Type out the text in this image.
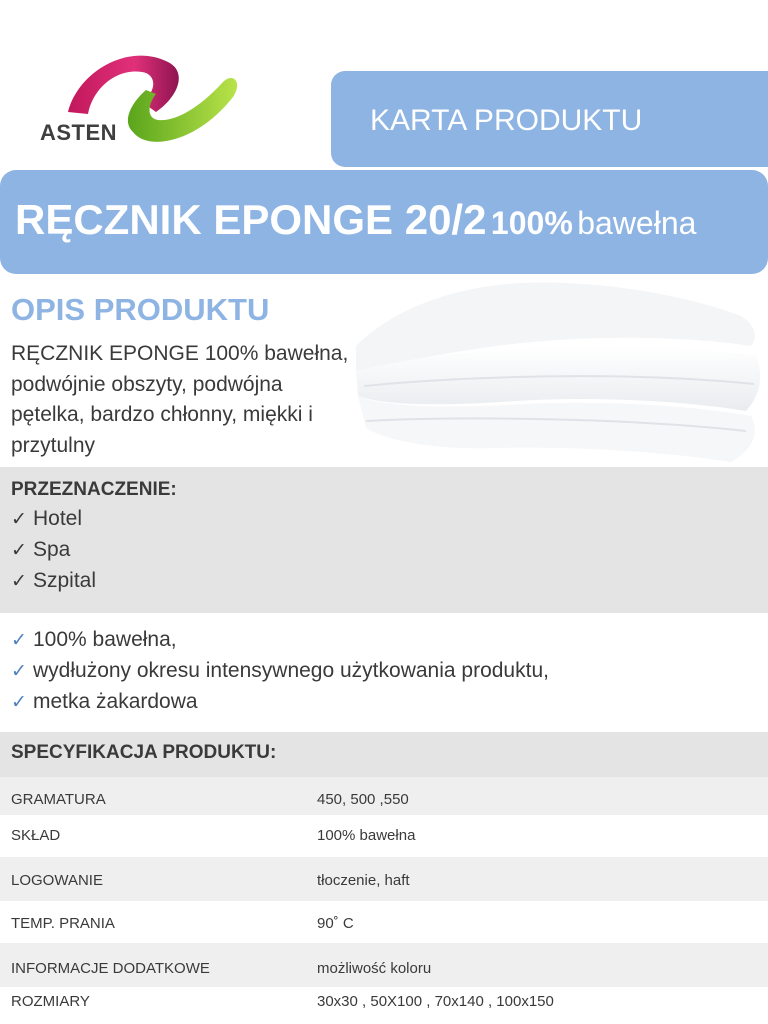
ASTEN	KARTA PRODUKTU
RĘCZNIK EPONGE 20/2 100% bawełna
OPIS PRODUKTU
RĘCZNIK EPONGE 100% bawełna, podwójnie obszyty, podwójna pętelka, bardzo chłonny, miękki i przytulny
PRZEZNACZENIE:
✓ Hotel
✓ Spa
✓ Szpital
✓ 100% bawełna,
✓ wydłużony okresu intensywnego użytkowania produktu,
✓ metka żakardowa
SPECYFIKACJA PRODUKTU:
GRAMATURA	450, 500 ,550
SKŁAD	100% bawełna
LOGOWANIE	tłoczenie, haft
TEMP. PRANIA	90˚ C
INFORMACJE DODATKOWE	możliwość koloru
ROZMIARY	30x30 , 50X100 , 70x140 , 100x150
